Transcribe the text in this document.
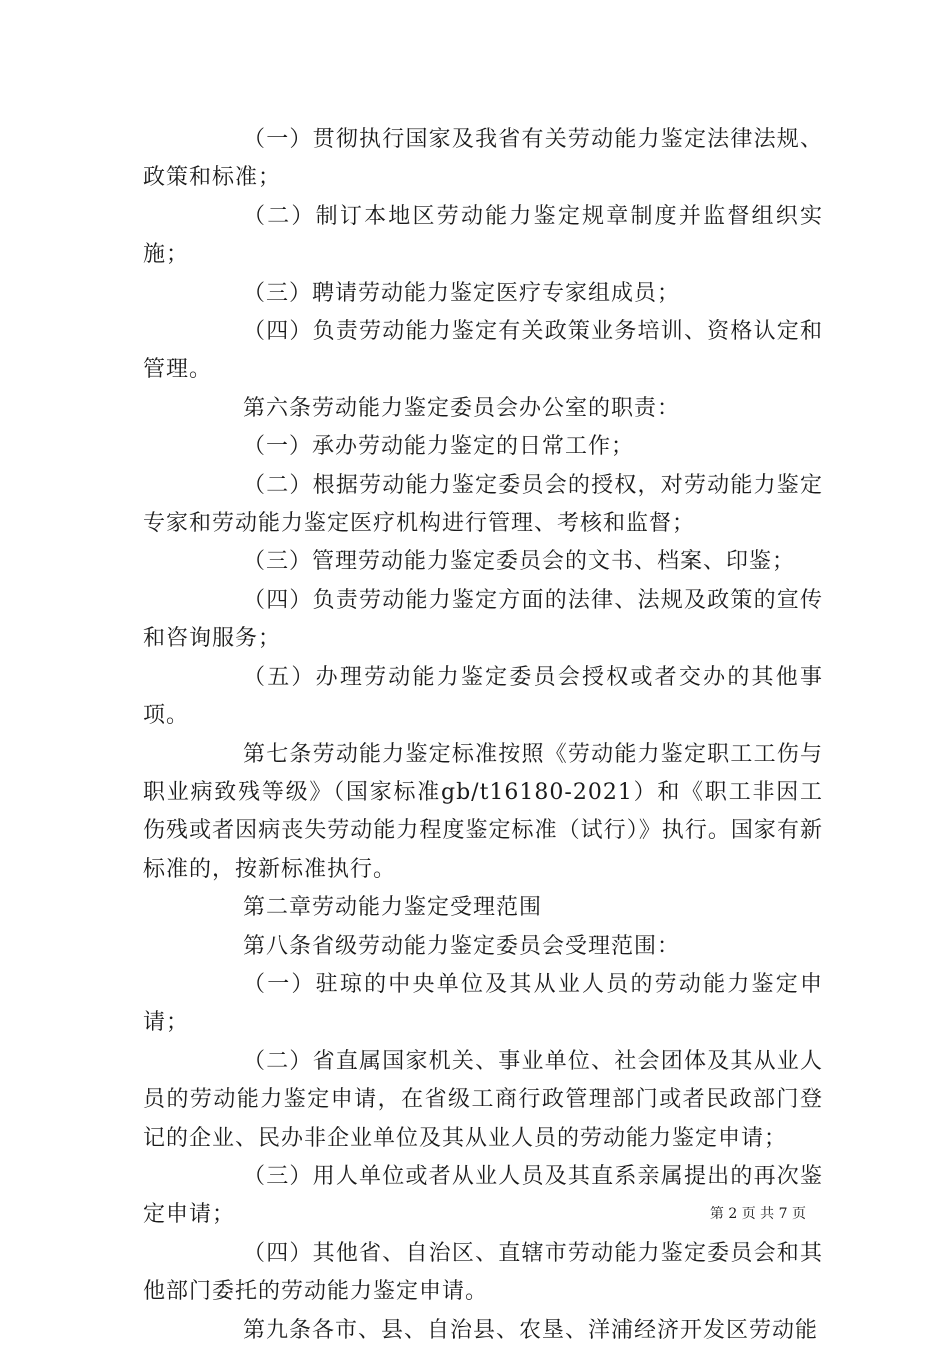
（一）贯彻执行国家及我省有关劳动能力鉴定法律法规、政策和标准；

（二）制订本地区劳动能力鉴定规章制度并监督组织实施；

（三）聘请劳动能力鉴定医疗专家组成员；

（四）负责劳动能力鉴定有关政策业务培训、资格认定和管理。

第六条劳动能力鉴定委员会办公室的职责：

（一）承办劳动能力鉴定的日常工作；

（二）根据劳动能力鉴定委员会的授权，对劳动能力鉴定专家和劳动能力鉴定医疗机构进行管理、考核和监督；

（三）管理劳动能力鉴定委员会的文书、档案、印鉴；

（四）负责劳动能力鉴定方面的法律、法规及政策的宣传和咨询服务；

（五）办理劳动能力鉴定委员会授权或者交办的其他事项。

第七条劳动能力鉴定标准按照《劳动能力鉴定职工工伤与职业病致残等级》（国家标准gb/t16180-2021）和《职工非因工伤残或者因病丧失劳动能力程度鉴定标准（试行）》执行。国家有新标准的，按新标准执行。

第二章劳动能力鉴定受理范围

第八条省级劳动能力鉴定委员会受理范围：

（一）驻琼的中央单位及其从业人员的劳动能力鉴定申请；

（二）省直属国家机关、事业单位、社会团体及其从业人员的劳动能力鉴定申请，在省级工商行政管理部门或者民政部门登记的企业、民办非企业单位及其从业人员的劳动能力鉴定申请；

（三）用人单位或者从业人员及其直系亲属提出的再次鉴定申请；

（四）其他省、自治区、直辖市劳动能力鉴定委员会和其他部门委托的劳动能力鉴定申请。

第九条各市、县、自治县、农垦、洋浦经济开发区劳动能

第 2 页 共 7 页
